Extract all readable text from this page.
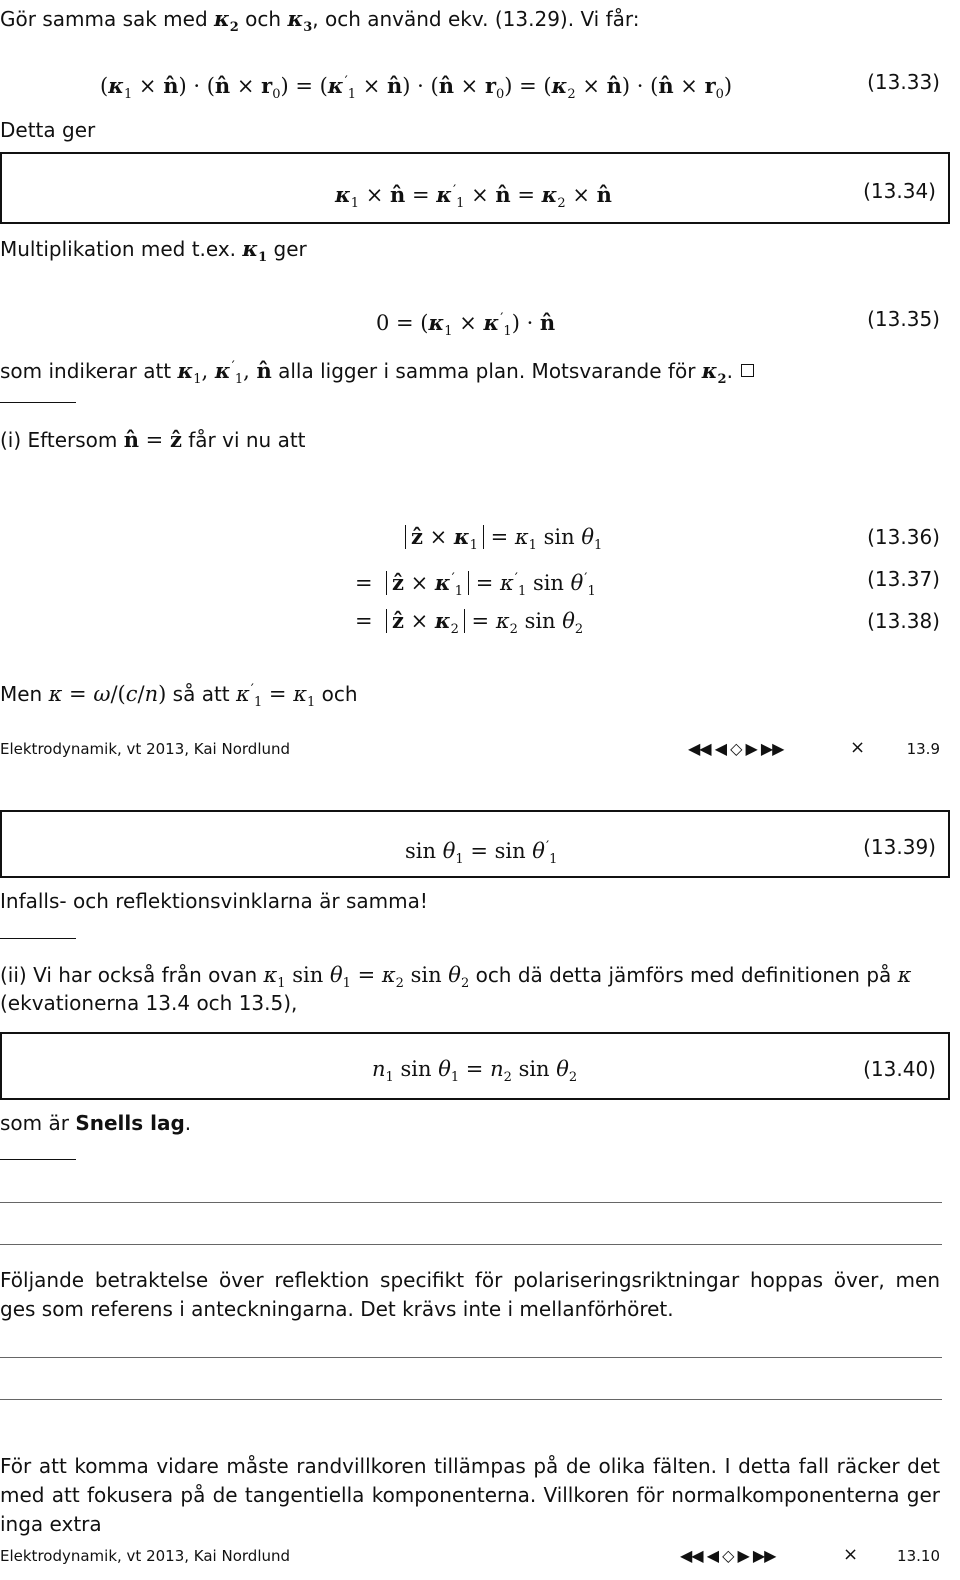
Gör samma sak med $\kappa_2$ och $\kappa_3$, och använd ekv. (13.29). Vi får:
($\kappa_1$ × n̂) · (n̂ × $r_0) = (\kappa'_1$ × n̂) · (n̂ × $r_0) = (\kappa_2$ × n̂) · (n̂ × $r_0$)	(13.33)
Detta ger
$\kappa_1$ × n̂ = $\kappa'_1$ × n̂ = $\kappa_2$ × n̂	(13.34)
Multiplikation med t.ex. $\kappa_1$ ger
$0 = (\kappa_1 \times \kappa'_1)$ · n̂	(13.35)
som indikerar att $\kappa_1$, $\kappa'_1$, n̂ alla ligger i samma plan. Motsvarande för $\kappa_2$.
(i) Eftersom n̂ = ẑ får vi nu att
ẑ × $\kappa_1 = \kappa_1$ $\sin \theta_1$	(13.36)
=  ẑ × $\kappa'_1 = \kappa'_1$ $\sin \theta'_1$
(13.37)
=  ẑ × $\kappa_2 = \kappa_2$ $\sin \theta_2$	(13.38)
Men κ = ω/(c/n) så att $\kappa'_1 = \kappa_1$ och
Elektrodynamik, vt 2013, Kai Nordlund	◀◀ ◀ ◇ ▶ ▶▶	×	13.9
$\sin \theta_1 = \sin \theta'_1$
(13.39)
Infalls- och reflektionsvinklarna är samma!
(ii) Vi har också från ovan $\kappa_1$ $\sin \theta_1 = \kappa_2$ $\sin \theta_2$ och dä detta jämförs med definitionen på κ
(ekvationerna 13.4 och 13.5),
$n_1$ $\sin \theta_1 = n_2$ $\sin \theta_2$	(13.40)
som är Snells lag.
Följande betraktelse över reflektion specifikt för polariseringsriktningar hoppas över, men ges som referens i anteckningarna. Det krävs inte i mellanförhöret.
För att komma vidare måste randvillkoren tillämpas på de olika fälten. I detta fall räcker det med att fokusera på de tangentiella komponenterna. Villkoren för normalkomponenterna ger inga extra
Elektrodynamik, vt 2013, Kai Nordlund	◀◀ ◀ ◇ ▶ ▶▶	×	13.10
